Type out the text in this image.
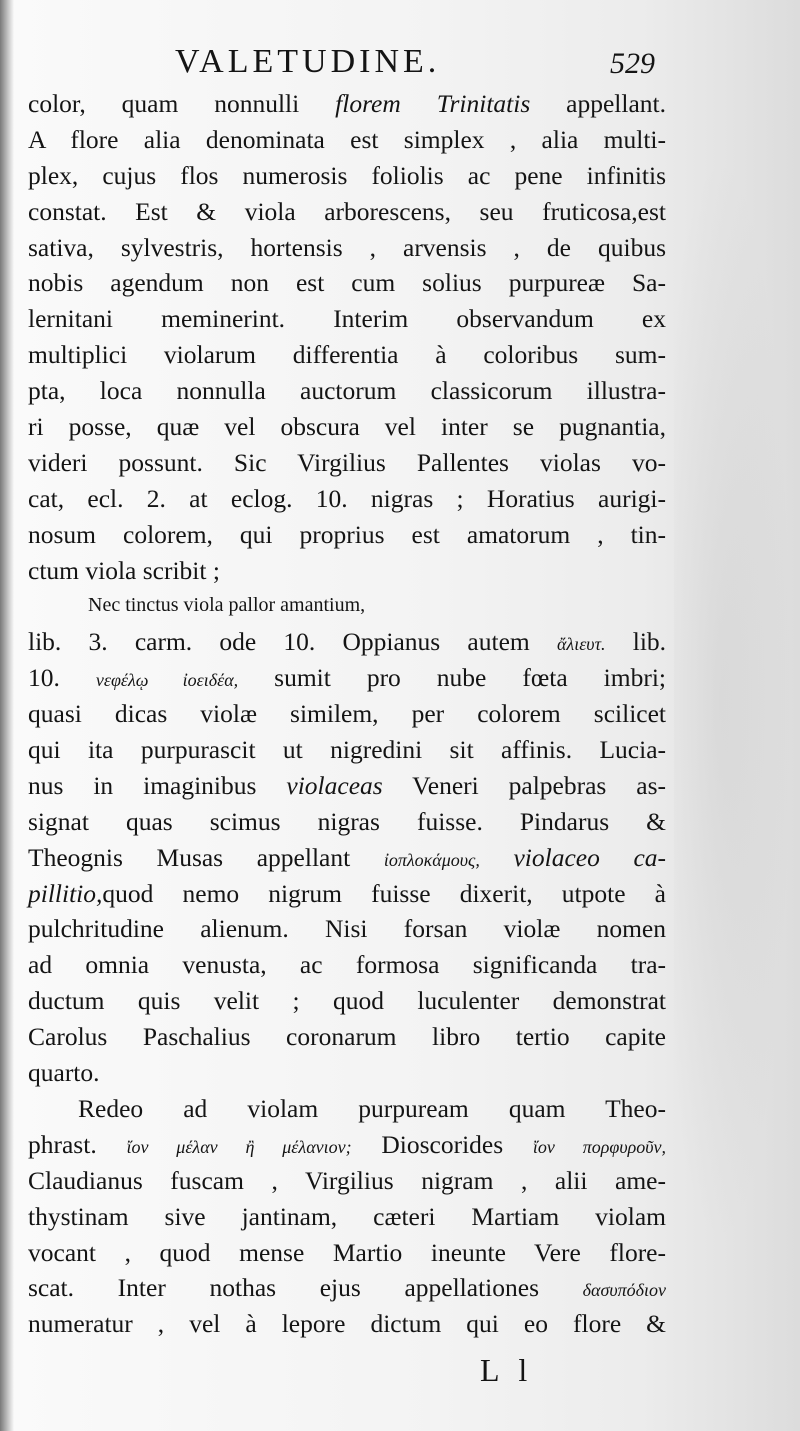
VALETUDINE.	529
color, quam nonnulli florem Trinitatis appellant.
A flore alia denominata est simplex , alia multi-
plex, cujus flos numerosis foliolis ac pene infinitis
constat. Est & viola arborescens, seu fruticosa,est
sativa, sylvestris, hortensis , arvensis , de quibus
nobis agendum non est cum solius purpureæ Sa-
lernitani meminerint. Interim observandum ex
multiplici violarum differentia à coloribus sum-
pta, loca nonnulla auctorum classicorum illustra-
ri posse, quæ vel obscura vel inter se pugnantia,
videri possunt. Sic Virgilius Pallentes violas vo-
cat, ecl. 2. at eclog. 10. nigras ; Horatius aurigi-
nosum colorem, qui proprius est amatorum , tin-
ctum viola scribit ;
Nec tinctus viola pallor amantium,
lib. 3. carm. ode 10. Oppianus autem ἄλιευτ. lib.
10. νεφέλῳ ἰοειδέα, sumit pro nube fœta imbri;
quasi dicas violæ similem, per colorem scilicet
qui ita purpurascit ut nigredini sit affinis. Lucia-
nus in imaginibus violaceas Veneri palpebras as-
signat quas scimus nigras fuisse. Pindarus &
Theognis Musas appellant ἰοπλοκάμους, violaceo ca-
pillitio,quod nemo nigrum fuisse dixerit, utpote à
pulchritudine alienum. Nisi forsan violæ nomen
ad omnia venusta, ac formosa significanda tra-
ductum quis velit ; quod luculenter demonstrat
Carolus Paschalius coronarum libro tertio capite
quarto.
Redeo ad violam purpuream quam Theo-
phrast. ἴον μέλαν ἢ μέλανιον; Dioscorides ἴον πορφυροῦν,
Claudianus fuscam , Virgilius nigram , alii ame-
thystinam sive jantinam, cæteri Martiam violam
vocant , quod mense Martio ineunte Vere flore-
scat. Inter nothas ejus appellationes δασυπόδιον
numeratur , vel à lepore dictum qui eo flore &
L l
